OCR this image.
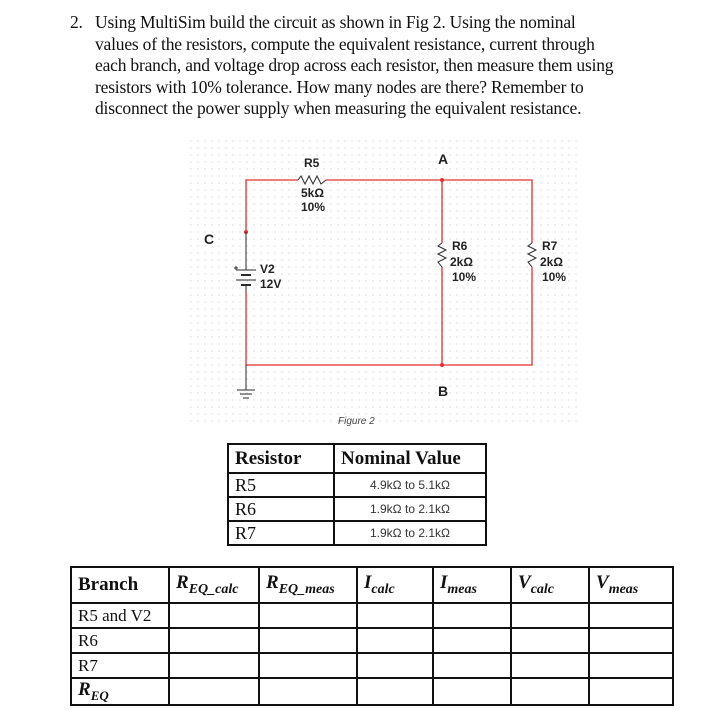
2. Using MultiSim build the circuit as shown in Fig 2. Using the nominal
values of the resistors, compute the equivalent resistance, current through
each branch, and voltage drop across each resistor, then measure them using
resistors with 10% tolerance. How many nodes are there? Remember to
disconnect the power supply when measuring the equivalent resistance.
A
B
C
R5
5kΩ
10%
R6
2kΩ
10%
R7
2kΩ
10%
V2
12V
Figure 2
Resistor	Nominal Value
R5	4.9kΩ to 5.1kΩ
R6	1.9kΩ to 2.1kΩ
R7	1.9kΩ to 2.1kΩ
Branch	$R_{EQ\_calc}$	$R_{EQ\_meas}$	$I_{calc}$	$I_{meas}$	$V_{calc}$	$V_{meas}$
R5 and V2						
R6						
R7						
$R_{EQ}$						
